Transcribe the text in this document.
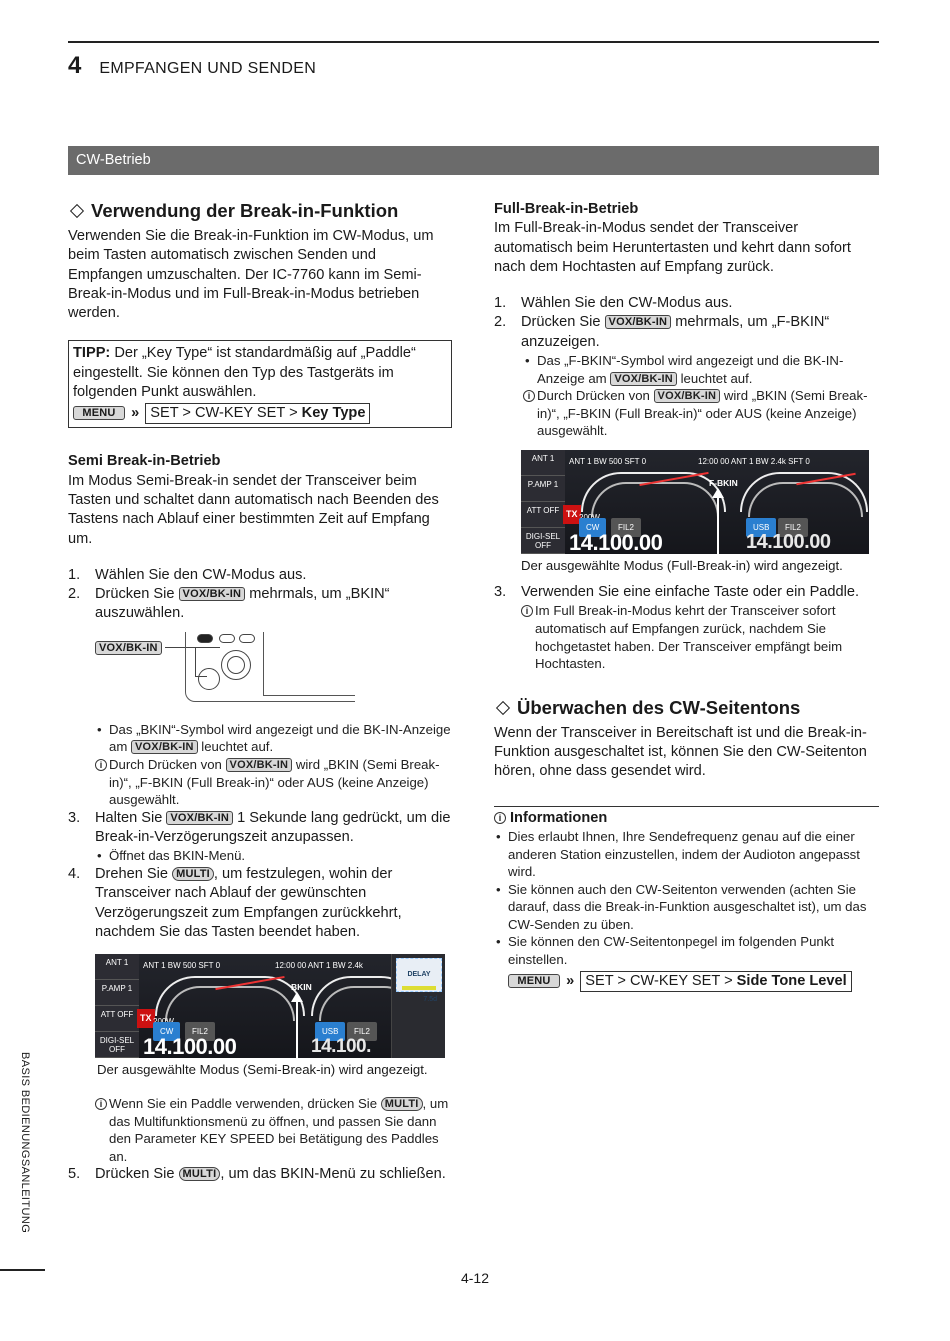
4 EMPFANGEN UND SENDEN
CW-Betrieb
Verwendung der Break-in-Funktion

Verwenden Sie die Break-in-Funktion im CW-Modus, um beim Tasten automatisch zwischen Senden und Empfangen umzuschalten. Der IC-7760 kann im Semi-Break-in-Modus und im Full-Break-in-Modus betrieben werden.

TIPP: Der „Key Type“ ist standardmäßig auf „Paddle“ eingestellt. Sie können den Typ des Tastgeräts im folgenden Punkt auswählen.

MENU » SET > CW-KEY SET > Key Type

Semi Break-in-Betrieb

Im Modus Semi-Break-in sendet der Transceiver beim Tasten und schaltet dann automatisch nach Beenden des Tastens nach Ablauf einer bestimmten Zeit auf Empfang um.

1. Wählen Sie den CW-Modus aus.
2. Drücken Sie VOX/BK-IN mehrmals, um „BKIN“ auszuwählen.
VOX/BK-IN
• Das „BKIN“-Symbol wird angezeigt und die BK-IN-Anzeige am VOX/BK-IN leuchtet auf.
i Durch Drücken von VOX/BK-IN wird „BKIN (Semi Break-in)“, „F-BKIN (Full Break-in)“ oder AUS (keine Anzeige) ausgewählt.
3. Halten Sie VOX/BK-IN 1 Sekunde lang gedrückt, um die Break-in-Verzögerungszeit anzupassen.
• Öffnet das BKIN-Menü.
4. Drehen Sie MULTI , um festzulegen, wohin der Transceiver nach Ablauf der gewünschten Verzögerungszeit zum Empfangen zurückkehrt, nachdem Sie das Tasten beendet haben.
ANT 1
P.AMP 1
ATT OFF
DIGI-SEL OFF
ANT 1 BW 500 SFT 0
TX
CW	FIL2
14.100.00
12:00 00 ANT 1 BW 2.4k
USB	FIL2
14.100.
DELAY
7.5d
BKIN

Der ausgewählte Modus (Semi-Break-in) wird angezeigt.

i Wenn Sie ein Paddle verwenden, drücken Sie MULTI , um das Multifunktionsmenü zu öffnen, und passen Sie dann den Parameter KEY SPEED bei Betätigung des Paddles an.
5. Drücken Sie MULTI , um das BKIN-Menü zu schließen.
Full-Break-in-Betrieb

Im Full-Break-in-Modus sendet der Transceiver automatisch beim Heruntertasten und kehrt dann sofort nach dem Hochtasten auf Empfang zurück.

1. Wählen Sie den CW-Modus aus.
2. Drücken Sie VOX/BK-IN mehrmals, um „F-BKIN“ anzuzeigen.
• Das „F-BKIN“-Symbol wird angezeigt und die BK-IN-Anzeige am VOX/BK-IN leuchtet auf.
i Durch Drücken von VOX/BK-IN wird „BKIN (Semi Break-in)“, „F-BKIN (Full Break-in)“ oder AUS (keine Anzeige) ausgewählt.
ANT 1
P.AMP 1
ATT OFF
DIGI-SEL OFF
ANT 1 BW 500 SFT 0
TX
CW	FIL2
14.100.00
12:00 00 ANT 1 BW 2.4k SFT 0
USB	FIL2
14.100.00
F-BKIN

Der ausgewählte Modus (Full-Break-in) wird angezeigt.

3. Verwenden Sie eine einfache Taste oder ein Paddle.
i Im Full Break-in-Modus kehrt der Transceiver sofort automatisch auf Empfangen zurück, nachdem Sie hochgetastet haben. Der Transceiver empfängt beim Hochtasten.
Überwachen des CW-Seitentons

Wenn der Transceiver in Bereitschaft ist und die Break-in-Funktion ausgeschaltet ist, können Sie den CW-Seitenton hören, ohne dass gesendet wird.

i Informationen
• Dies erlaubt Ihnen, Ihre Sendefrequenz genau auf die einer anderen Station einzustellen, indem der Audioton angepasst wird.
• Sie können auch den CW-Seitenton verwenden (achten Sie darauf, dass die Break-in-Funktion ausgeschaltet ist), um das CW-Senden zu üben.
• Sie können den CW-Seitentonpegel im folgenden Punkt einstellen.

MENU » SET > CW-KEY SET > Side Tone Level

BASIS BEDIENUNGSANLEITUNG
4-12
